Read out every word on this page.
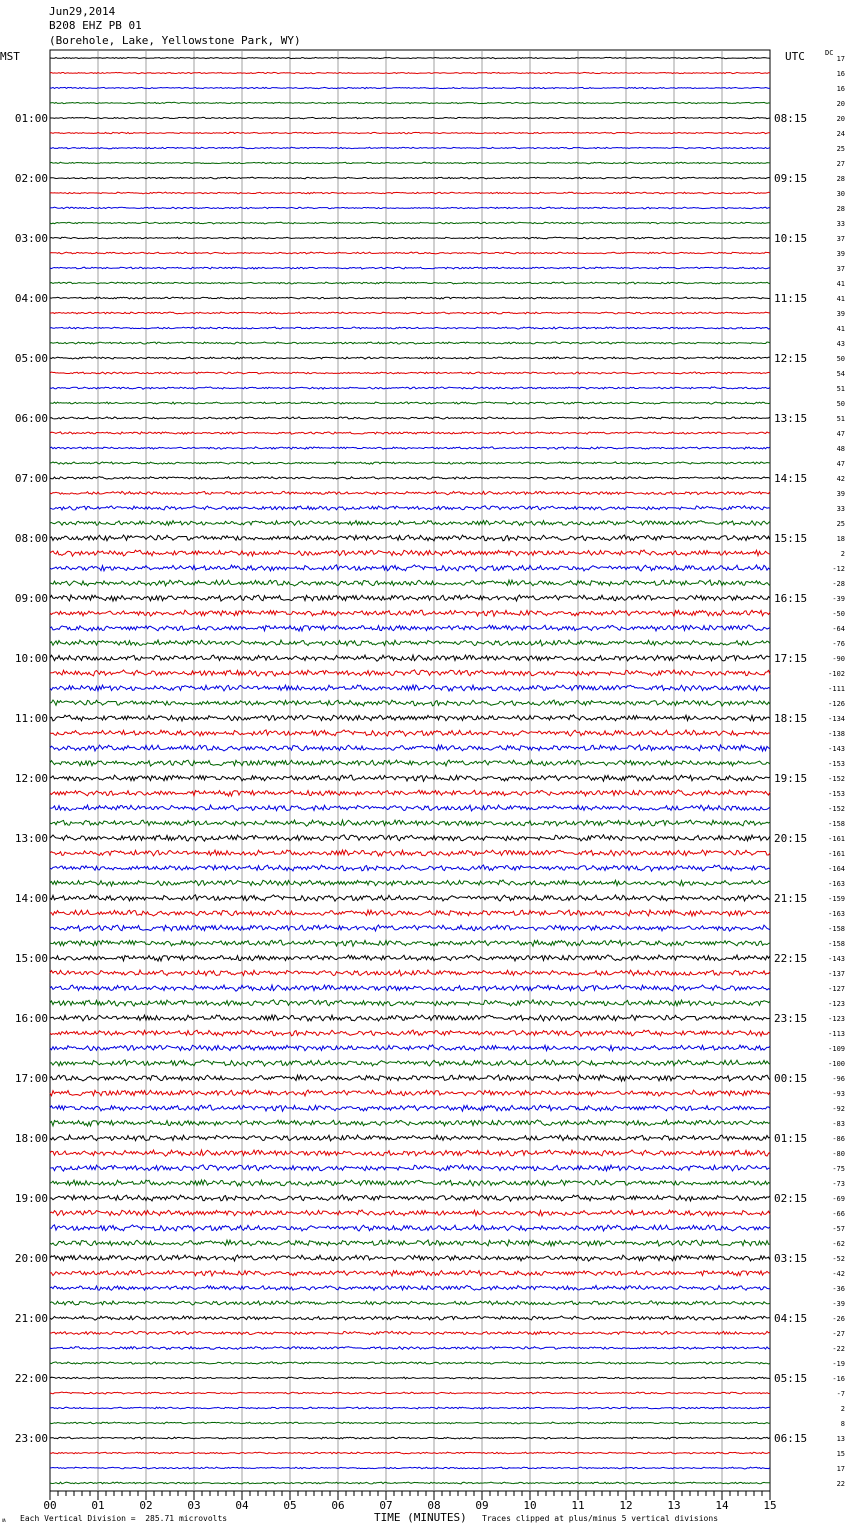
Jun29,2014
B208 EHZ PB 01
(Borehole, Lake, Yellowstone Park, WY)
MST	UTC	DC
00	01	02	03	04	05	06	07	08	09	10	11	12	13	14	15
01:00	08:15
02:00	09:15
03:00	10:15
04:00	11:15
05:00	12:15
06:00	13:15
07:00	14:15
08:00	15:15
09:00	16:15
10:00	17:15
11:00	18:15
12:00	19:15
13:00	20:15
14:00	21:15
15:00	22:15
16:00	23:15
17:00	00:15
18:00	01:15
19:00	02:15
20:00	03:15
21:00	04:15
22:00	05:15
23:00	06:15
17
16
16
20
20
24
25
27
28
30
28
33
37
39
37
41
41
39
41
43
50
54
51
50
51
47
48
47
42
39
33
25
18
2
-12
-28
-39
-50
-64
-76
-90
-102
-111
-126
-134
-138
-143
-153
-152
-153
-152
-158
-161
-161
-164
-163
-159
-163
-158
-158
-143
-137
-127
-123
-123
-113
-109
-100
-96
-93
-92
-83
-86
-80
-75
-73
-69
-66
-57
-62
-52
-42
-36
-39
-26
-27
-22
-19
-16
-7
2
8
13
15
17
22
ʍ Each Vertical Division =  285.71 microvolts	TIME (MINUTES) Traces clipped at plus/minus 5 vertical divisions
